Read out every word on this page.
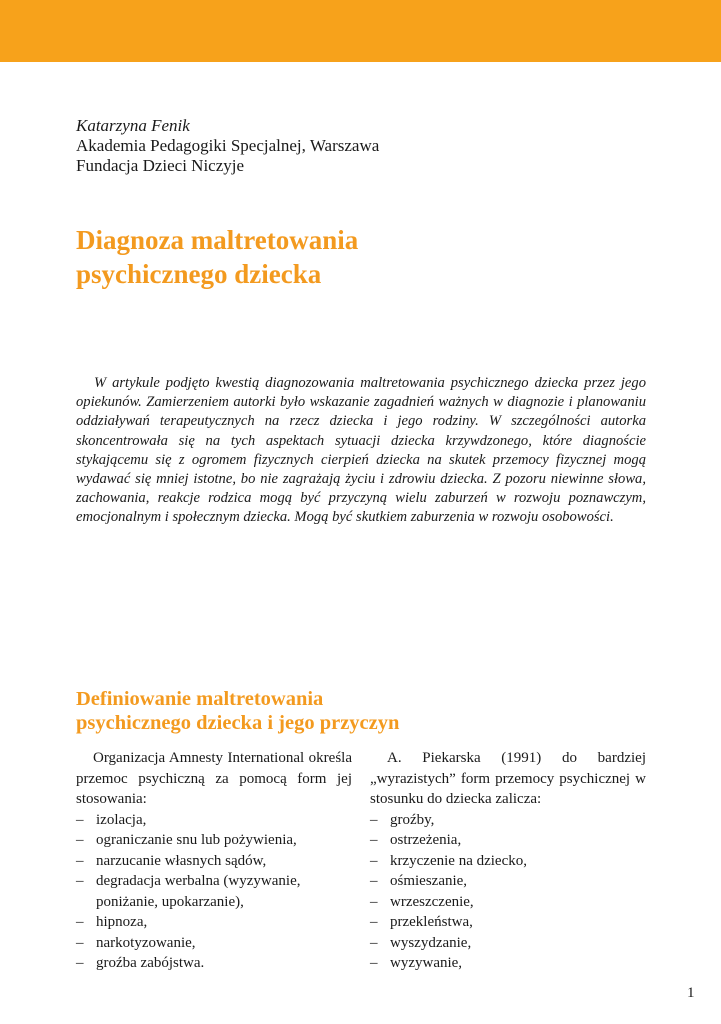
Katarzyna Fenik
Akademia Pedagogiki Specjalnej, Warszawa
Fundacja Dzieci Niczyje
Diagnoza maltretowania
psychicznego dziecka
W artykule podjęto kwestią diagnozowania maltretowania psychicznego dziecka przez jego opiekunów. Zamierzeniem autorki było wskazanie zagadnień ważnych w diagnozie i planowaniu oddziaływań terapeutycznych na rzecz dziecka i jego rodziny. W szczególności autorka skoncentrowała się na tych aspektach sytuacji dziecka krzywdzonego, które diagnoście stykającemu się z ogromem fizycznych cierpień dziecka na skutek przemocy fizycznej mogą wydawać się mniej istotne, bo nie zagrażają życiu i zdrowiu dziecka. Z pozoru niewinne słowa, zachowania, reakcje rodzica mogą być przyczyną wielu zaburzeń w rozwoju poznawczym, emocjonalnym i społecznym dziecka. Mogą być skutkiem zaburzenia w rozwoju osobowości.
Definiowanie maltretowania
psychicznego dziecka i jego przyczyn

Organizacja Amnesty International określa przemoc psychiczną za pomocą form jej stosowania:

– izolacja,
– ograniczanie snu lub pożywienia,
– narzucanie własnych sądów,
– degradacja werbalna (wyzywanie, poniżanie, upokarzanie),
– hipnoza,
– narkotyzowanie,
– groźba zabójstwa.

A. Piekarska (1991) do bardziej „wyrazistych” form przemocy psychicznej w stosunku do dziecka zalicza:

– groźby,
– ostrzeżenia,
– krzyczenie na dziecko,
– ośmieszanie,
– wrzeszczenie,
– przekleństwa,
– wyszydzanie,
– wyzywanie,
1
